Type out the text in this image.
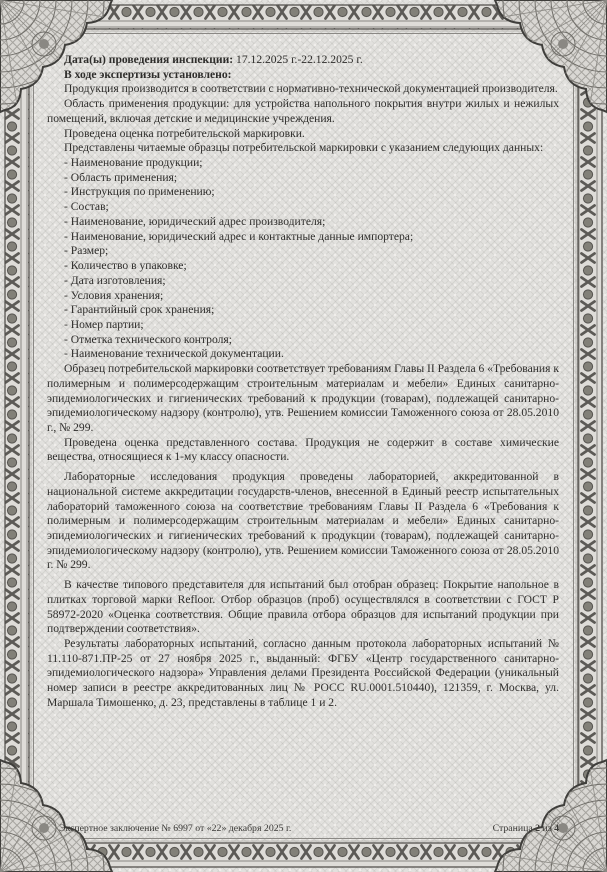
Дата(ы) проведения инспекции: 17.12.2025 г.-22.12.2025 г.

В ходе экспертизы установлено:

Продукция производится в соответствии с нормативно-технической документацией производителя.

Область применения продукции: для устройства напольного покрытия внутри жилых и нежилых помещений, включая детские и медицинские учреждения.

Проведена оценка потребительской маркировки.

Представлены читаемые образцы потребительской маркировки с указанием следующих данных:

- Наименование продукции;

- Область применения;

- Инструкция по применению;

- Состав;

- Наименование, юридический адрес производителя;

- Наименование, юридический адрес и контактные данные импортера;

- Размер;

- Количество в упаковке;

- Дата изготовления;

- Условия хранения;

- Гарантийный срок хранения;

- Номер партии;

- Отметка технического контроля;

- Наименование технической документации.

Образец потребительской маркировки соответствует требованиям Главы II Раздела 6 «Требования к полимерным и полимерсодержащим строительным материалам и мебели» Единых санитарно-эпидемиологических и гигиенических требований к продукции (товарам), подлежащей санитарно-эпидемиологическому надзору (контролю), утв. Решением комиссии Таможенного союза от 28.05.2010 г., № 299.

Проведена оценка представленного состава. Продукция не содержит в составе химические вещества, относящиеся к 1-му классу опасности.

Лабораторные исследования продукция проведены лабораторией, аккредитованной в национальной системе аккредитации государств-членов, внесенной в Единый реестр испытательных лабораторий таможенного союза на соответствие требованиям Главы II Раздела 6 «Требования к полимерным и полимерсодержащим строительным материалам и мебели» Единых санитарно-эпидемиологических и гигиенических требований к продукции (товарам), подлежащей санитарно-эпидемиологическому надзору (контролю), утв. Решением комиссии Таможенного союза от 28.05.2010 г. № 299.

В качестве типового представителя для испытаний был отобран образец: Покрытие напольное в плитках торговой марки Refloor. Отбор образцов (проб) осуществлялся в соответствии с ГОСТ Р 58972-2020 «Оценка соответствия. Общие правила отбора образцов для испытаний продукции при подтверждении соответствия».

Результаты лабораторных испытаний, согласно данным протокола лабораторных испытаний № 11.110-871.ПР-25 от 27 ноября 2025 г., выданный: ФГБУ «Центр государственного санитарно-эпидемиологического надзора» Управления делами Президента Российской Федерации (уникальный номер записи в реестре аккредитованных лиц № РОСС RU.0001.510440), 121359, г. Москва, ул. Маршала Тимошенко, д. 23, представлены в таблице 1 и 2.

Экспертное заключение № 6997 от «22» декабря 2025 г.	Страница 2 из 4
